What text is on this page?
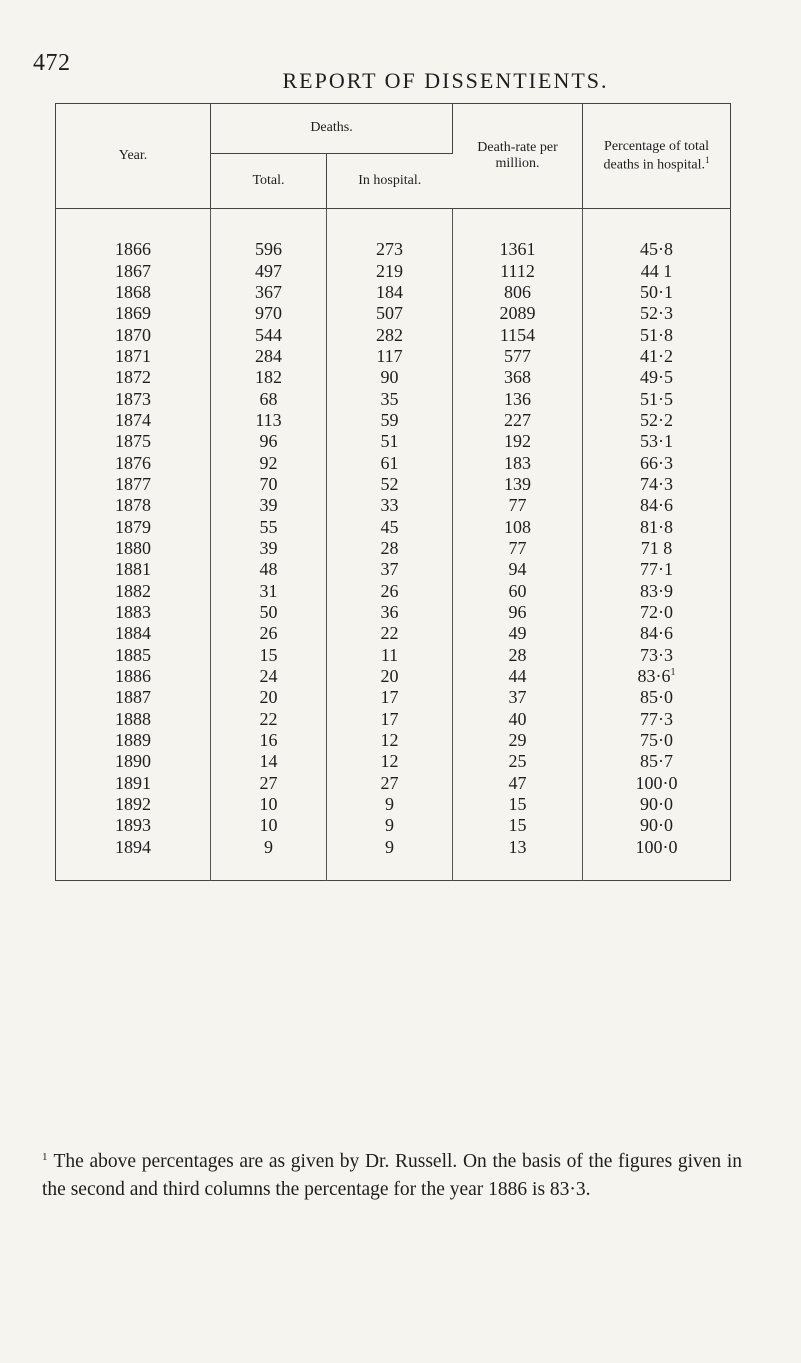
472
REPORT OF DISSENTIENTS.
Year.	Deaths.		Death-rate per million.	Percentage of total deaths in hospital.$^1$
	Total.	In hospital.		
1866	596	273	1361	45·8
1867	497	219	1112	44 1
1868	367	184	806	50·1
1869	970	507	2089	52·3
1870	544	282	1154	51·8
1871	284	117	577	41·2
1872	182	90	368	49·5
1873	68	35	136	51·5
1874	113	59	227	52·2
1875	96	51	192	53·1
1876	92	61	183	66·3
1877	70	52	139	74·3
1878	39	33	77	84·6
1879	55	45	108	81·8
1880	39	28	77	71 8
1881	48	37	94	77·1
1882	31	26	60	83·9
1883	50	36	96	72·0
1884	26	22	49	84·6
1885	15	11	28	73·3
1886	24	20	44	$83\cdot 6^1$
1887	20	17	37	85·0
1888	22	17	40	77·3
1889	16	12	29	75·0
1890	14	12	25	85·7
1891	27	27	47	100·0
1892	10	9	15	90·0
1893	10	9	15	90·0
1894	9	9	13	100·0
$^1$ The above percentages are as given by Dr. Russell. On the basis of the figures given in the second and third columns the percentage for the year 1886 is 83·3.
